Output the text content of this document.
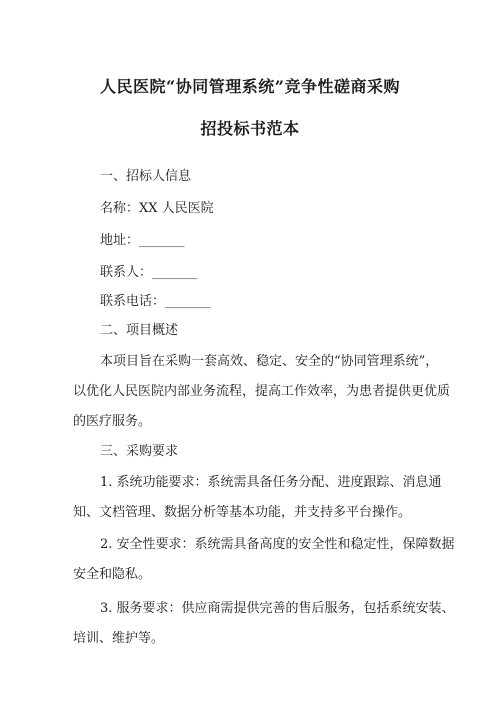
人民医院“协同管理系统”竞争性磋商采购
招投标书范本
一、招标人信息
名称：XX 人民医院
地址：_______
联系人：_______
联系电话：_______
二、项目概述
本项目旨在采购一套高效、稳定、安全的“协同管理系统”，
以优化人民医院内部业务流程，提高工作效率，为患者提供更优质
的医疗服务。
三、采购要求
1. 系统功能要求：系统需具备任务分配、进度跟踪、消息通
知、文档管理、数据分析等基本功能，并支持多平台操作。
2. 安全性要求：系统需具备高度的安全性和稳定性，保障数据
安全和隐私。
3. 服务要求：供应商需提供完善的售后服务，包括系统安装、
培训、维护等。
